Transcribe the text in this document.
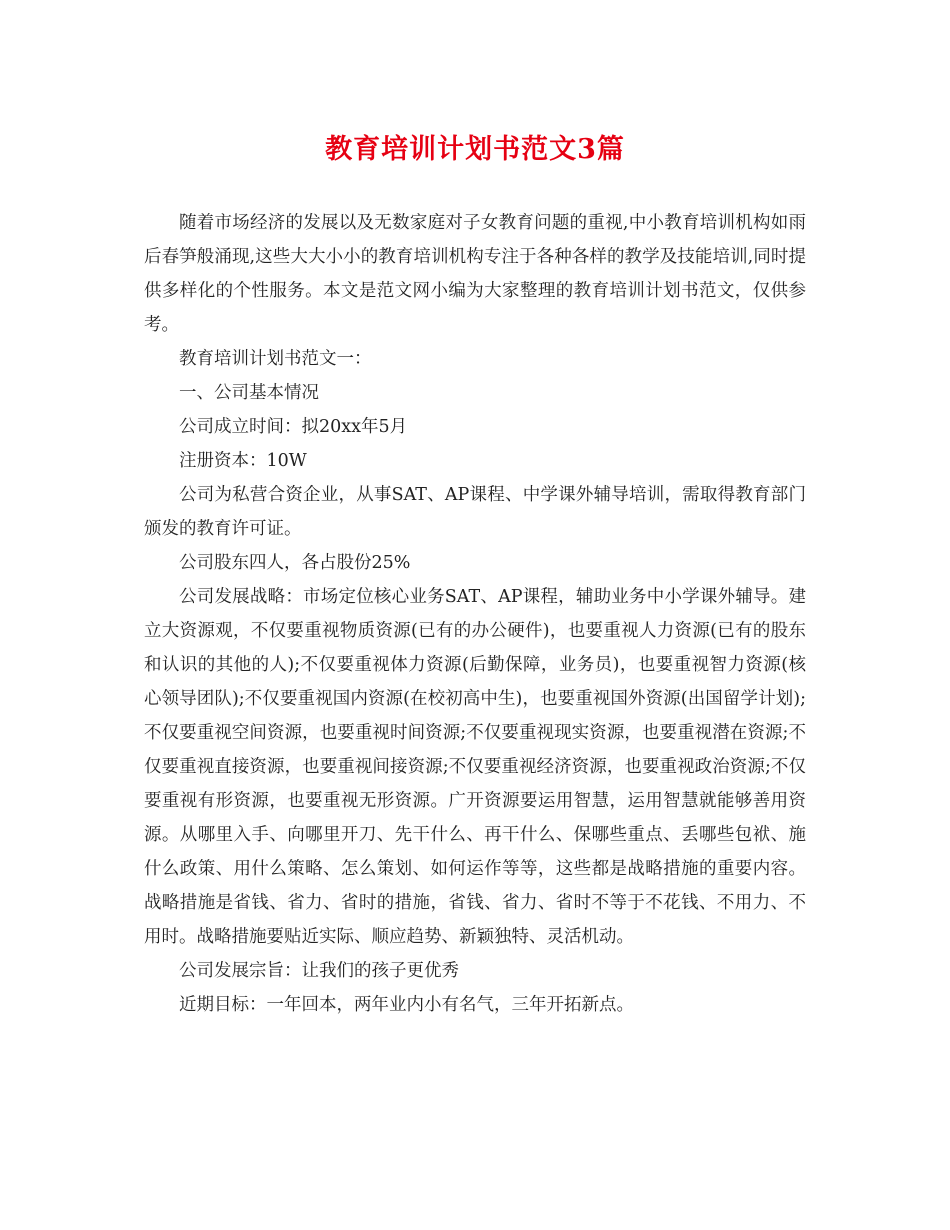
教育培训计划书范文3篇

随着市场经济的发展以及无数家庭对子女教育问题的重视,中小教育培训机构如雨后春笋般涌现,这些大大小小的教育培训机构专注于各种各样的教学及技能培训,同时提供多样化的个性服务。本文是范文网小编为大家整理的教育培训计划书范文，仅供参考。

教育培训计划书范文一：

一、公司基本情况

公司成立时间：拟20xx年5月

注册资本：10W

公司为私营合资企业，从事SAT、AP课程、中学课外辅导培训，需取得教育部门颁发的教育许可证。

公司股东四人，各占股份25%

公司发展战略：市场定位核心业务SAT、AP课程，辅助业务中小学课外辅导。建立大资源观，不仅要重视物质资源(已有的办公硬件)，也要重视人力资源(已有的股东和认识的其他的人);不仅要重视体力资源(后勤保障，业务员)，也要重视智力资源(核心领导团队);不仅要重视国内资源(在校初高中生)，也要重视国外资源(出国留学计划);不仅要重视空间资源，也要重视时间资源;不仅要重视现实资源，也要重视潜在资源;不仅要重视直接资源，也要重视间接资源;不仅要重视经济资源，也要重视政治资源;不仅要重视有形资源，也要重视无形资源。广开资源要运用智慧，运用智慧就能够善用资源。从哪里入手、向哪里开刀、先干什么、再干什么、保哪些重点、丢哪些包袱、施什么政策、用什么策略、怎么策划、如何运作等等，这些都是战略措施的重要内容。战略措施是省钱、省力、省时的措施，省钱、省力、省时不等于不花钱、不用力、不用时。战略措施要贴近实际、顺应趋势、新颖独特、灵活机动。

公司发展宗旨：让我们的孩子更优秀

近期目标：一年回本，两年业内小有名气，三年开拓新点。
